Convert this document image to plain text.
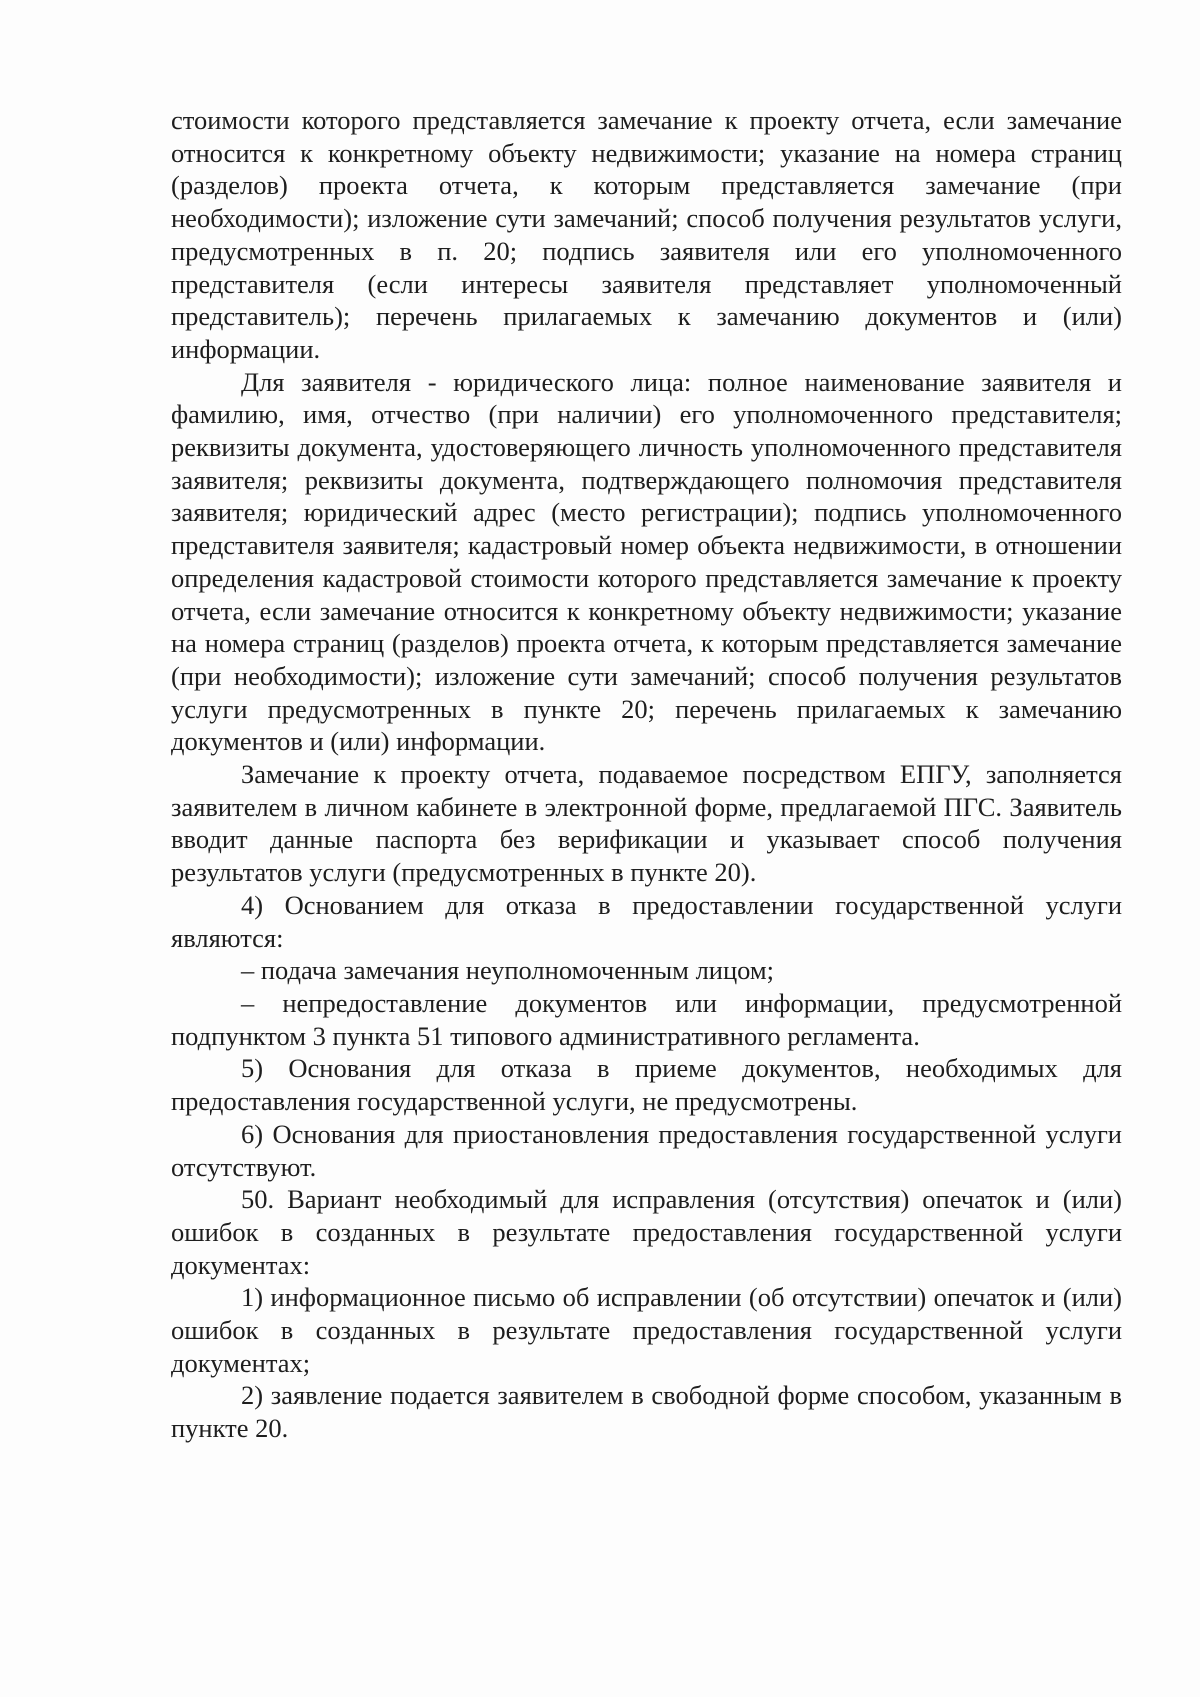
стоимости которого представляется замечание к проекту отчета, если замечание относится к конкретному объекту недвижимости; указание на номера страниц (разделов) проекта отчета, к которым представляется замечание (при необходимости); изложение сути замечаний; способ получения результатов услуги, предусмотренных в п. 20; подпись заявителя или его уполномоченного представителя (если интересы заявителя представляет уполномоченный представитель); перечень прилагаемых к замечанию документов и (или) информации.

Для заявителя - юридического лица: полное наименование заявителя и фамилию, имя, отчество (при наличии) его уполномоченного представителя; реквизиты документа, удостоверяющего личность уполномоченного представителя заявителя; реквизиты документа, подтверждающего полномочия представителя заявителя; юридический адрес (место регистрации); подпись уполномоченного представителя заявителя; кадастровый номер объекта недвижимости, в отношении определения кадастровой стоимости которого представляется замечание к проекту отчета, если замечание относится к конкретному объекту недвижимости; указание на номера страниц (разделов) проекта отчета, к которым представляется замечание (при необходимости); изложение сути замечаний; способ получения результатов услуги предусмотренных в пункте 20; перечень прилагаемых к замечанию документов и (или) информации.

Замечание к проекту отчета, подаваемое посредством ЕПГУ, заполняется заявителем в личном кабинете в электронной форме, предлагаемой ПГС. Заявитель вводит данные паспорта без верификации и указывает способ получения результатов услуги (предусмотренных в пункте 20).

4) Основанием для отказа в предоставлении государственной услуги являются:

– подача замечания неуполномоченным лицом;

– непредоставление документов или информации, предусмотренной подпунктом 3 пункта 51 типового административного регламента.

5) Основания для отказа в приеме документов, необходимых для предоставления государственной услуги, не предусмотрены.

6) Основания для приостановления предоставления государственной услуги отсутствуют.

50. Вариант необходимый для исправления (отсутствия) опечаток и (или) ошибок в созданных в результате предоставления государственной услуги документах:

1) информационное письмо об исправлении (об отсутствии) опечаток и (или) ошибок в созданных в результате предоставления государственной услуги документах;

2) заявление подается заявителем в свободной форме способом, указанным в пункте 20.
